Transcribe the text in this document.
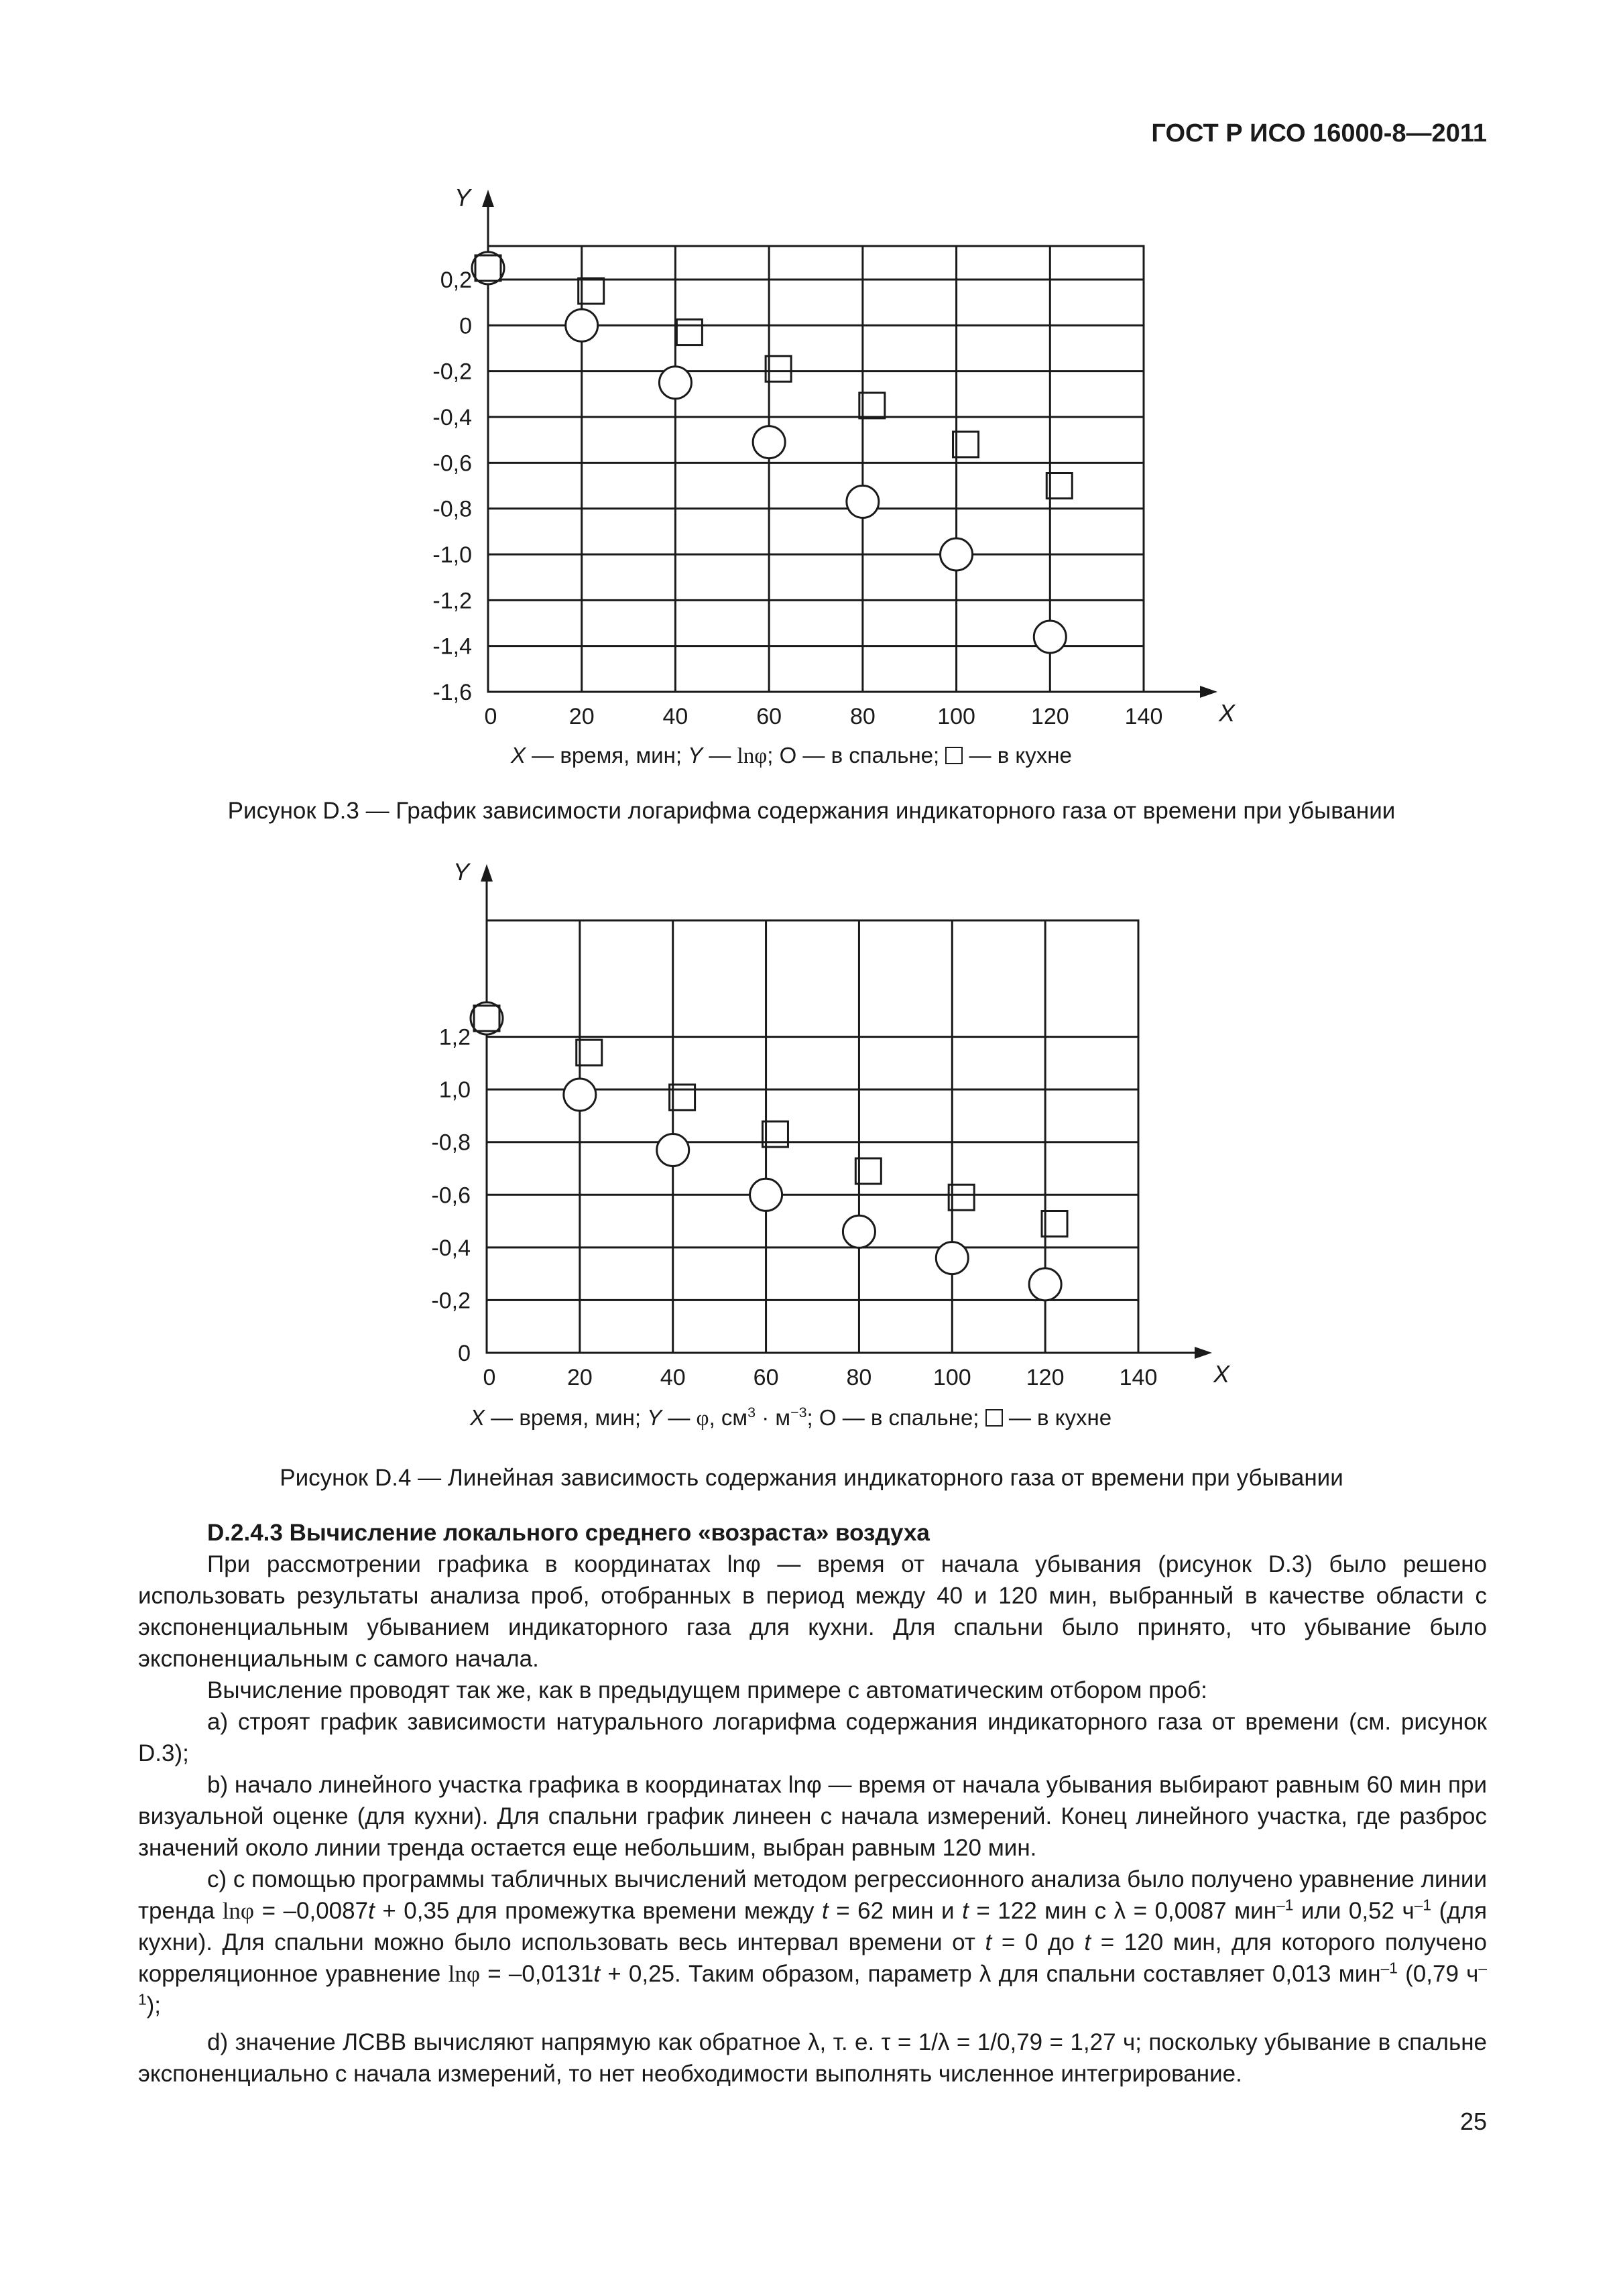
ГОСТ Р ИСО 16000-8—2011
0	20	40	60	80	100 120 140
0,2
0
-0,2
-0,4
-0,6
-0,8
-1,0
-1,2
-1,4
-1,6
X
Y
X — время, мин; Y — lnφ; О — в спальне;  — в кухне
Рисунок D.3 — График зависимости логарифма содержания индикаторного газа от времени при убывании
0	20	40	60	80	100 120 140
1,2
1,0
-0,8
-0,6
-0,4
-0,2
0
X
Y
X — время, мин; Y — φ, $см^3 \cdot м^{-3}$; О — в спальне;  — в кухне
Рисунок D.4 — Линейная зависимость содержания индикаторного газа от времени при убывании
D.2.4.3 Вычисление локального среднего «возраста» воздуха
При рассмотрении графика в координатах lnφ — время от начала убывания (рисунок D.3) было решено использовать результаты анализа проб, отобранных в период между 40 и 120 мин, выбранный в качестве области с экспоненциальным убыванием индикаторного газа для кухни. Для спальни было принято, что убывание было экспоненциальным с самого начала.
Вычисление проводят так же, как в предыдущем примере с автоматическим отбором проб:
a) строят график зависимости натурального логарифма содержания индикаторного газа от времени (см. рисунок D.3);
b) начало линейного участка графика в координатах lnφ — время от начала убывания выбирают равным 60 мин при визуальной оценке (для кухни). Для спальни график линеен с начала измерений. Конец линейного участка, где разброс значений около линии тренда остается еще небольшим, выбран равным 120 мин.
c) с помощью программы табличных вычислений методом регрессионного анализа было получено уравнение линии тренда lnφ = –0,0087t + 0,35 для промежутка времени между t = 62 мин и t = 122 мин с λ = 0,0087 мин$^{-1}$ или 0,52 $ч^{-1}$ (для кухни). Для спальни можно было использовать весь интервал времени от t = 0 до t = 120 мин, для которого получено корреляционное уравнение lnφ = –0,0131t + 0,25. Таким образом, параметр λ для спальни составляет 0,013 мин$^{-1}$ (0,79 $ч^{-1}$);
d) значение ЛСВВ вычисляют напрямую как обратное λ, т. е. τ = 1/λ = 1/0,79 = 1,27 ч; поскольку убывание в спальне экспоненциально с начала измерений, то нет необходимости выполнять численное интегрирование.
25
